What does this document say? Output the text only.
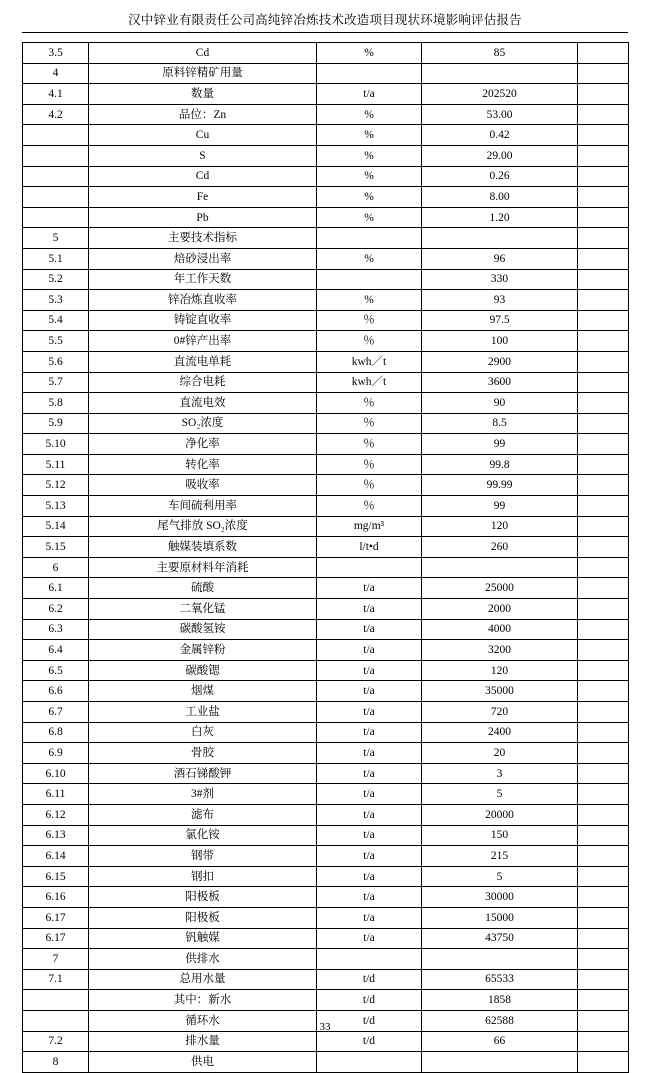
汉中锌业有限责任公司高纯锌冶炼技术改造项目现状环境影响评估报告
3.5	Cd	%	85	
4	原料锌精矿用量			
4.1	数量	t/a	202520	
4.2	品位：Zn	%	53.00	
	Cu	%	0.42	
	S	%	29.00	
	Cd	%	0.26	
	Fe	%	8.00	
	Pb	%	1.20	
5	主要技术指标			
5.1	焙砂浸出率	%	96	
5.2	年工作天数		330	
5.3	锌冶炼直收率	%	93	
5.4	铸锭直收率	％	97.5	
5.5	0#锌产出率	％	100	
5.6	直流电单耗	kwh／t	2900	
5.7	综合电耗	kwh／t	3600	
5.8	直流电效	％	90	
5.9	SO₂浓度	％	8.5	
5.10	净化率	％	99	
5.11	转化率	％	99.8	
5.12	吸收率	％	99.99	
5.13	车间硫利用率	％	99	
5.14	尾气排放 SO₂浓度	mg/m³	120	
5.15	触媒装填系数	l/t•d	260	
6	主要原材料年消耗			
6.1	硫酸	t/a	25000	
6.2	二氧化锰	t/a	2000	
6.3	碳酸氢铵	t/a	4000	
6.4	金属锌粉	t/a	3200	
6.5	碳酸锶	t/a	120	
6.6	烟煤	t/a	35000	
6.7	工业盐	t/a	720	
6.8	白灰	t/a	2400	
6.9	骨胶	t/a	20	
6.10	酒石锑酸钾	t/a	3	
6.11	3#剂	t/a	5	
6.12	滤布	t/a	20000	
6.13	氯化铵	t/a	150	
6.14	钢带	t/a	215	
6.15	钢扣	t/a	5	
6.16	阳极板	t/a	30000	
6.17	阳极板	t/a	15000	
6.17	钒触媒	t/a	43750	
7	供排水			
7.1	总用水量	t/d	65533	
	其中：新水	t/d	1858	
	循环水	t/d	62588	
7.2	排水量	t/d	66	
8	供电			
33
